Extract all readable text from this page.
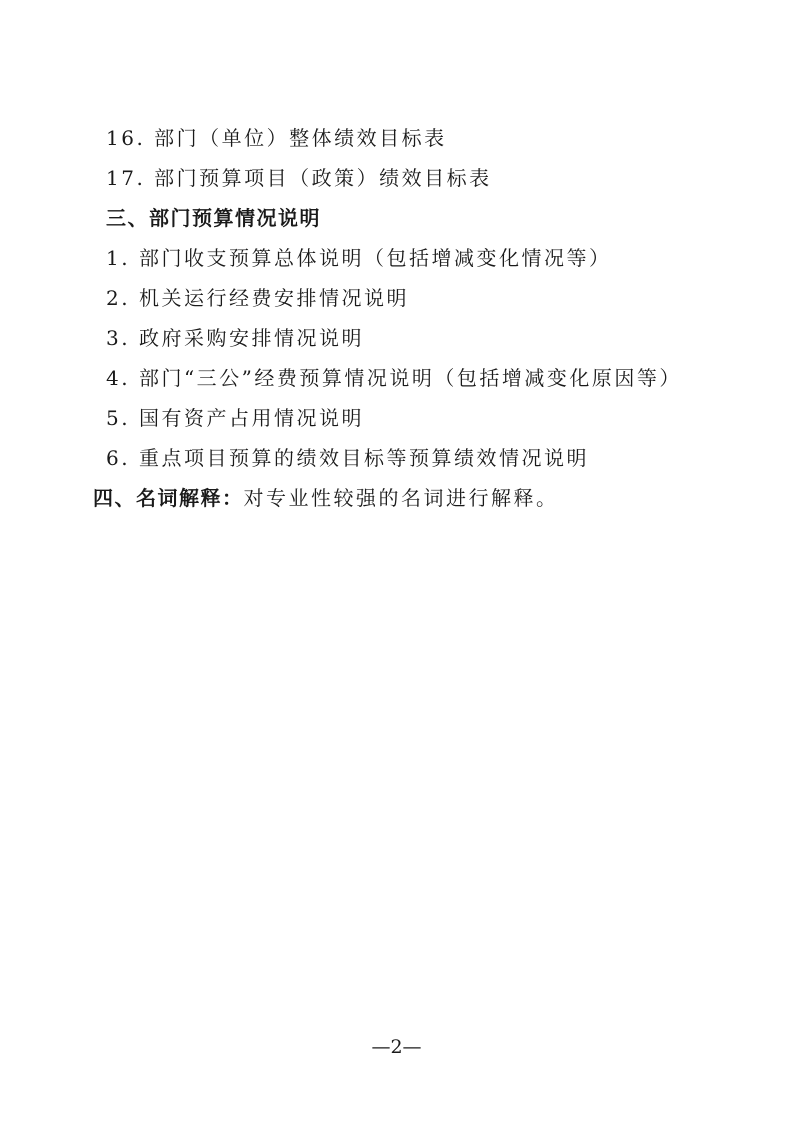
16. 部门（单位）整体绩效目标表
17. 部门预算项目（政策）绩效目标表
三、部门预算情况说明
1. 部门收支预算总体说明（包括增减变化情况等）
2. 机关运行经费安排情况说明
3. 政府采购安排情况说明
4. 部门“三公”经费预算情况说明（包括增减变化原因等）
5. 国有资产占用情况说明
6. 重点项目预算的绩效目标等预算绩效情况说明
四、名词解释：对专业性较强的名词进行解释。
—2—
